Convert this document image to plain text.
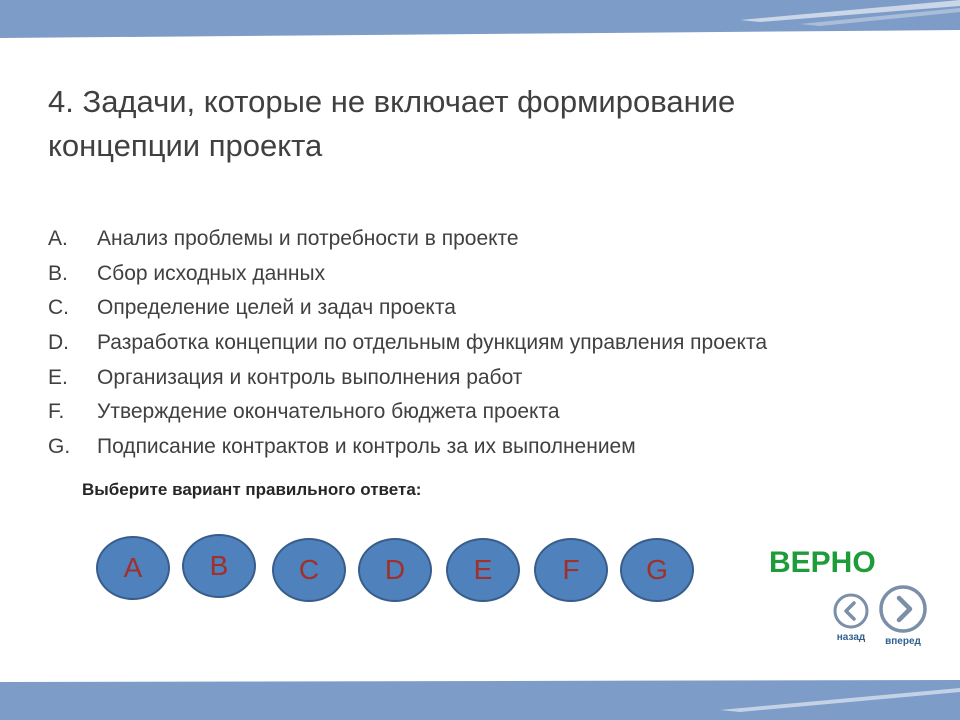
4. Задачи, которые не включает формирование концепции проекта
A.	Анализ проблемы и потребности в проекте
B.	Сбор исходных данных
C.	Определение целей и задач проекта
D.	Разработка концепции по отдельным функциям управления проекта
E.	Организация и контроль выполнения работ
F.	Утверждение окончательного бюджета проекта
G.	Подписание контрактов и контроль за их выполнением
Выберите вариант правильного ответа:
A	B	C	D	E	F	G	ВЕРНО
назад	вперед
